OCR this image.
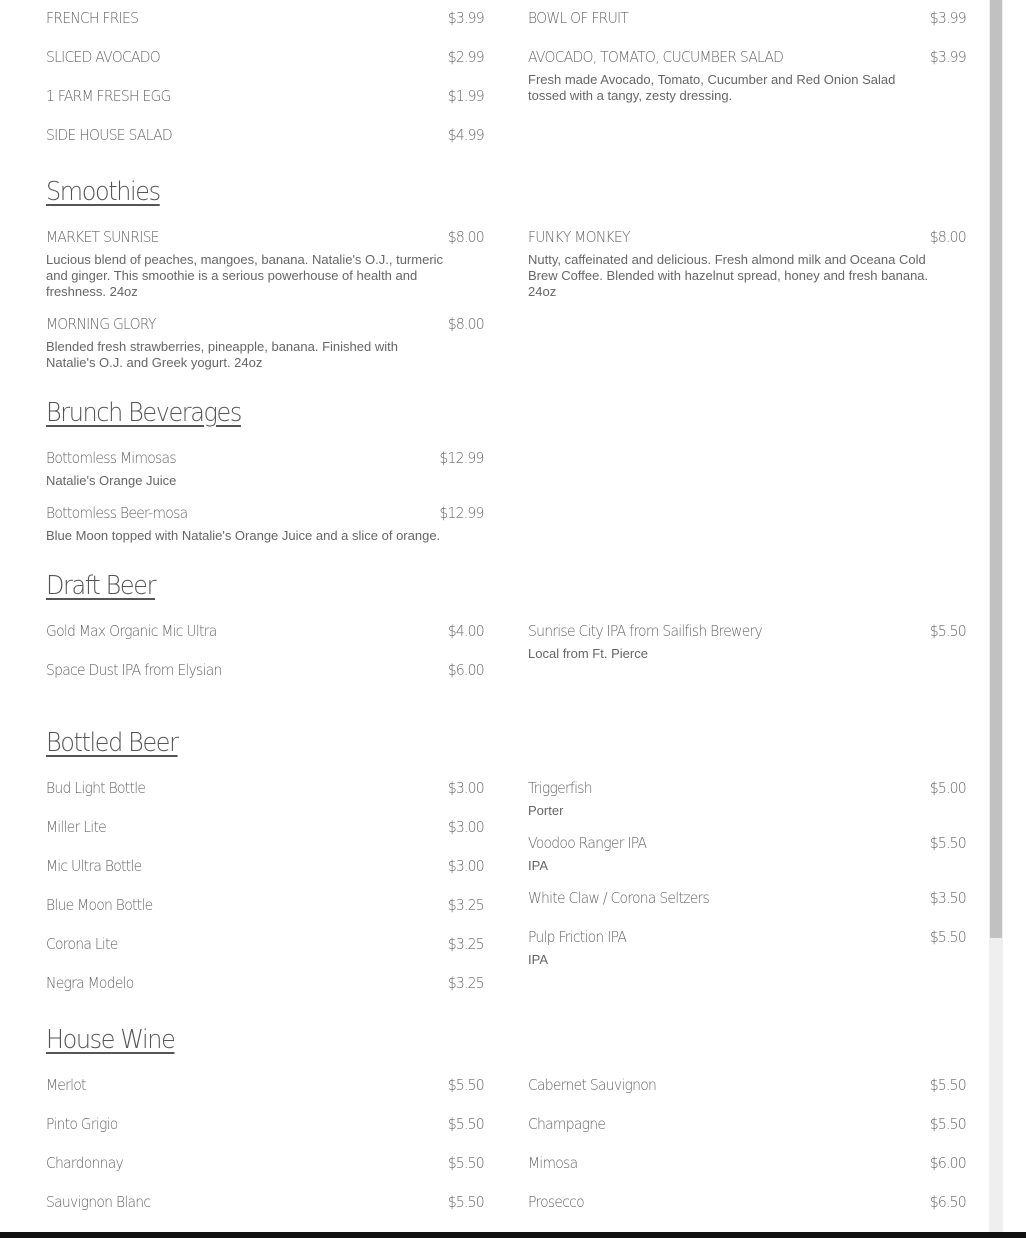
FRENCH FRIES	$3.99	BOWL OF FRUIT	$3.99
SLICED AVOCADO	$2.99	AVOCADO, TOMATO, CUCUMBER SALAD	$3.99
Fresh made Avocado, Tomato, Cucumber and Red Onion Salad tossed with a tangy, zesty dressing.
1 FARM FRESH EGG	$1.99
SIDE HOUSE SALAD	$4.99
Smoothies
MARKET SUNRISE	$8.00
Lucious blend of peaches, mangoes, banana. Natalie's O.J., turmeric and ginger. This smoothie is a serious powerhouse of health and freshness. 24oz
FUNKY MONKEY	$8.00
Nutty, caffeinated and delicious. Fresh almond milk and Oceana Cold Brew Coffee. Blended with hazelnut spread, honey and fresh banana. 24oz
MORNING GLORY	$8.00
Blended fresh strawberries, pineapple, banana. Finished with Natalie's O.J. and Greek yogurt. 24oz
Brunch Beverages
Bottomless Mimosas	$12.99
Natalie's Orange Juice
Bottomless Beer-mosa	$12.99
Blue Moon topped with Natalie's Orange Juice and a slice of orange.
Draft Beer
Gold Max Organic Mic Ultra	$4.00	Sunrise City IPA from Sailfish Brewery	$5.50
Local from Ft. Pierce
Space Dust IPA from Elysian	$6.00
Bottled Beer
Bud Light Bottle	$3.00
Miller Lite	$3.00
Mic Ultra Bottle	$3.00
Blue Moon Bottle	$3.25
Corona Lite	$3.25
Negra Modelo	$3.25
Triggerfish	$5.00
Porter
Voodoo Ranger IPA	$5.50
IPA
White Claw / Corona Seltzers	$3.50
Pulp Friction IPA	$5.50
IPA
House Wine
Merlot	$5.50
Pinto Grigio	$5.50
Chardonnay	$5.50
Sauvignon Blanc	$5.50
Cabernet Sauvignon	$5.50
Champagne	$5.50
Mimosa	$6.00
Prosecco	$6.50
